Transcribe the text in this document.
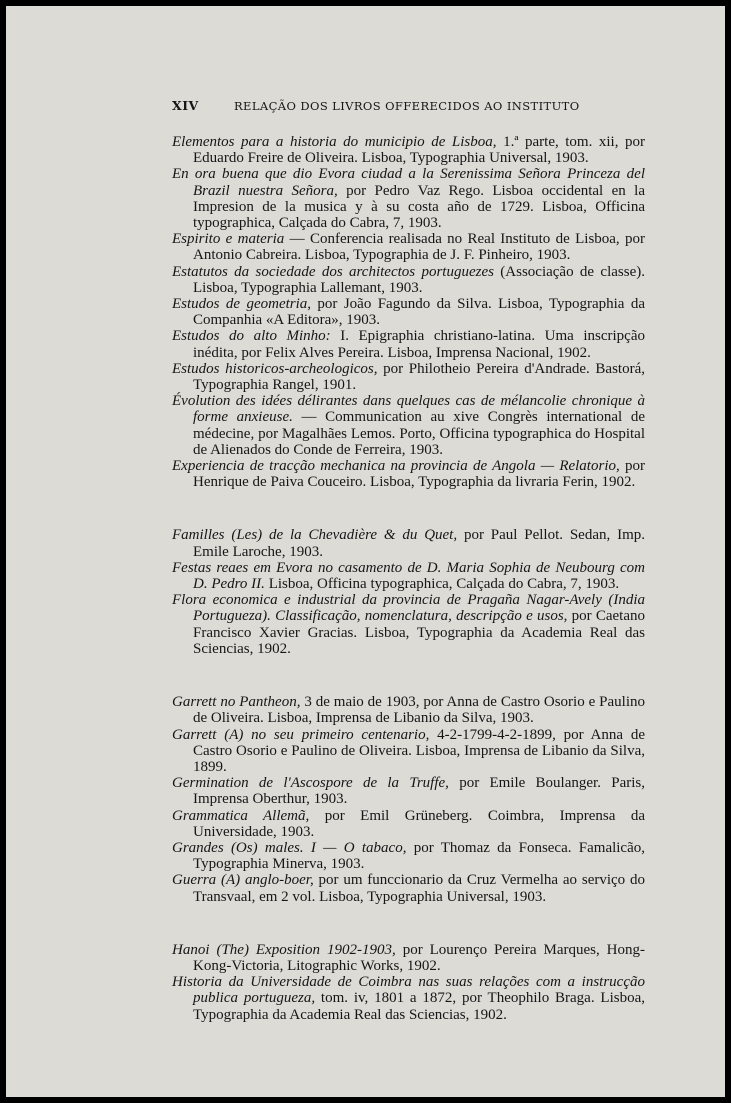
XIV	RELAÇÃO DOS LIVROS OFFERECIDOS AO INSTITUTO

Elementos para a historia do municipio de Lisboa, 1.ª parte, tom. xii, por Eduardo Freire de Oliveira. Lisboa, Typographia Universal, 1903.

En ora buena que dio Evora ciudad a la Serenissima Señora Princeza del Brazil nuestra Señora, por Pedro Vaz Rego. Lisboa occidental en la Impresion de la musica y à su costa año de 1729. Lisboa, Officina typographica, Calçada do Cabra, 7, 1903.

Espirito e materia — Conferencia realisada no Real Instituto de Lisboa, por Antonio Cabreira. Lisboa, Typographia de J. F. Pinheiro, 1903.

Estatutos da sociedade dos architectos portuguezes (Associação de classe). Lisboa, Typographia Lallemant, 1903.

Estudos de geometria, por João Fagundo da Silva. Lisboa, Typographia da Companhia «A Editora», 1903.

Estudos do alto Minho: I. Epigraphia christiano-latina. Uma inscripção inédita, por Felix Alves Pereira. Lisboa, Imprensa Nacional, 1902.

Estudos historicos-archeologicos, por Philotheio Pereira d'Andrade. Bastorá, Typographia Rangel, 1901.

Évolution des idées délirantes dans quelques cas de mélancolie chronique à forme anxieuse. — Communication au xive Congrès international de médecine, por Magalhães Lemos. Porto, Officina typographica do Hospital de Alienados do Conde de Ferreira, 1903.

Experiencia de tracção mechanica na provincia de Angola — Relatorio, por Henrique de Paiva Couceiro. Lisboa, Typographia da livraria Ferin, 1902.

Familles (Les) de la Chevadière & du Quet, por Paul Pellot. Sedan, Imp. Emile Laroche, 1903.

Festas reaes em Evora no casamento de D. Maria Sophia de Neubourg com D. Pedro II. Lisboa, Officina typographica, Calçada do Cabra, 7, 1903.

Flora economica e industrial da provincia de Pragaña Nagar-Avely (India Portugueza). Classificação, nomenclatura, descripção e usos, por Caetano Francisco Xavier Gracias. Lisboa, Typographia da Academia Real das Sciencias, 1902.

Garrett no Pantheon, 3 de maio de 1903, por Anna de Castro Osorio e Paulino de Oliveira. Lisboa, Imprensa de Libanio da Silva, 1903.

Garrett (A) no seu primeiro centenario, 4-2-1799-4-2-1899, por Anna de Castro Osorio e Paulino de Oliveira. Lisboa, Imprensa de Libanio da Silva, 1899.

Germination de l'Ascospore de la Truffe, por Emile Boulanger. Paris, Imprensa Oberthur, 1903.

Grammatica Allemã, por Emil Grüneberg. Coimbra, Imprensa da Universidade, 1903.

Grandes (Os) males. I — O tabaco, por Thomaz da Fonseca. Famalicão, Typographia Minerva, 1903.

Guerra (A) anglo-boer, por um funccionario da Cruz Vermelha ao serviço do Transvaal, em 2 vol. Lisboa, Typographia Universal, 1903.

Hanoi (The) Exposition 1902-1903, por Lourenço Pereira Marques, Hong-Kong-Victoria, Litographic Works, 1902.

Historia da Universidade de Coimbra nas suas relações com a instrucção publica portugueza, tom. iv, 1801 a 1872, por Theophilo Braga. Lisboa, Typographia da Academia Real das Sciencias, 1902.
